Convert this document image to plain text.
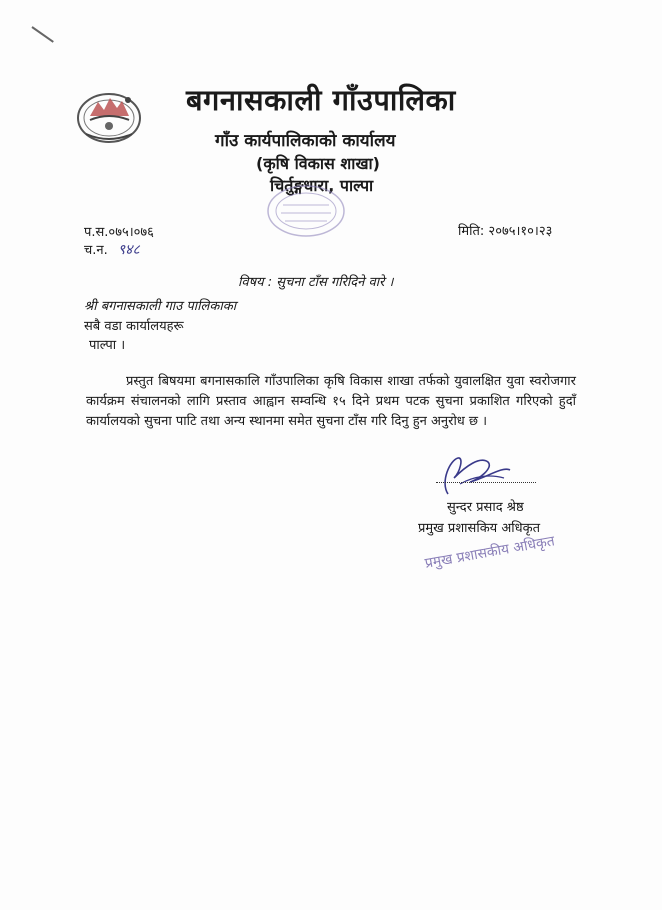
बगनासकाली गाँउपालिका
गाँउ कार्यपालिकाको कार्यालय
(कृषि विकास शाखा)
चिर्तुङ्गधारा, पाल्पा
प.स.०७५।०७६
च.न. ९४८
मिति: २०७५।१०।२३
विषय : सुचना टाँस गरिदिने वारे ।
श्री बगनासकाली गाउ पालिकाका
सबै वडा कार्यालयहरू
पाल्पा ।
प्रस्तुत बिषयमा बगनासकालि गाँउपालिका कृषि विकास शाखा तर्फको युवालक्षित युवा स्वरोजगार कार्यक्रम संचालनको लागि प्रस्ताव आह्वान सम्वन्धि १५ दिने प्रथम पटक सुचना प्रकाशित गरिएको हुदाँ कार्यालयको सुचना पाटि तथा अन्य स्थानमा समेत सुचना टाँस गरि दिनु हुन अनुरोध छ ।
सुन्दर प्रसाद श्रेष्ठ
प्रमुख प्रशासकिय अधिकृत
प्रमुख प्रशासकीय अधिकृत
